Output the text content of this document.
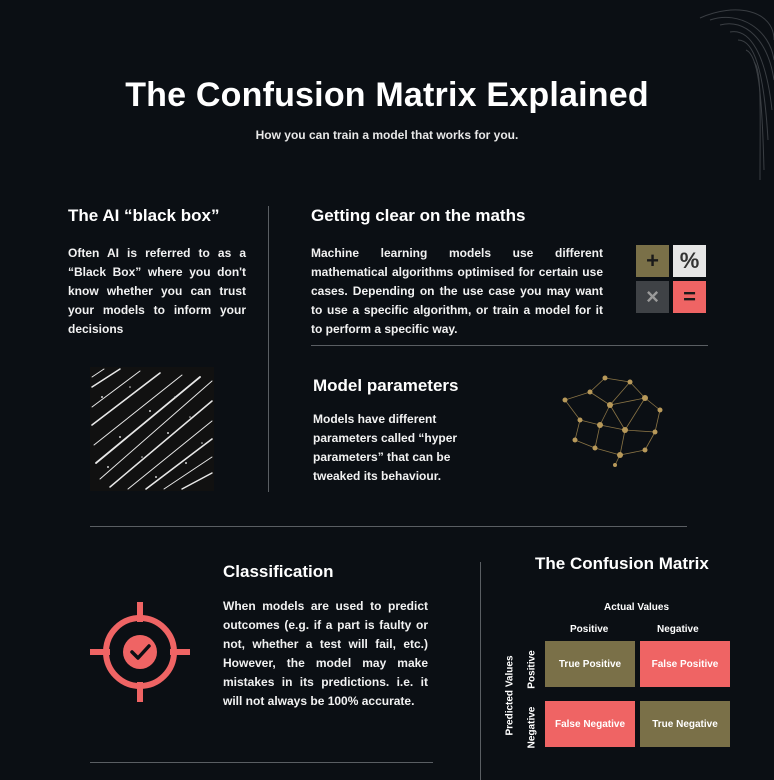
The Confusion Matrix Explained
How you can train a model that works for you.
The AI “black box”
Often AI is referred to as a “Black Box” where you don't know whether you can trust your models to inform your decisions
Getting clear on the maths
Machine learning models use different mathematical algorithms optimised for certain use cases. Depending on the use case you may want to use a specific algorithm, or train a model for it to perform a specific way.
+ %
×	=
Model parameters
Models have different parameters called “hyper parameters” that can be tweaked its behaviour.
Classification
When models are used to predict outcomes (e.g. if a part is faulty or not, whether a test will fail, etc.) However, the model may make mistakes in its predictions. i.e. it will not always be 100% accurate.
The Confusion Matrix
Actual Values
Positive	Negative
Predicted Values Positive
Negative
True Positive	False Positive
False Negative	True Negative
